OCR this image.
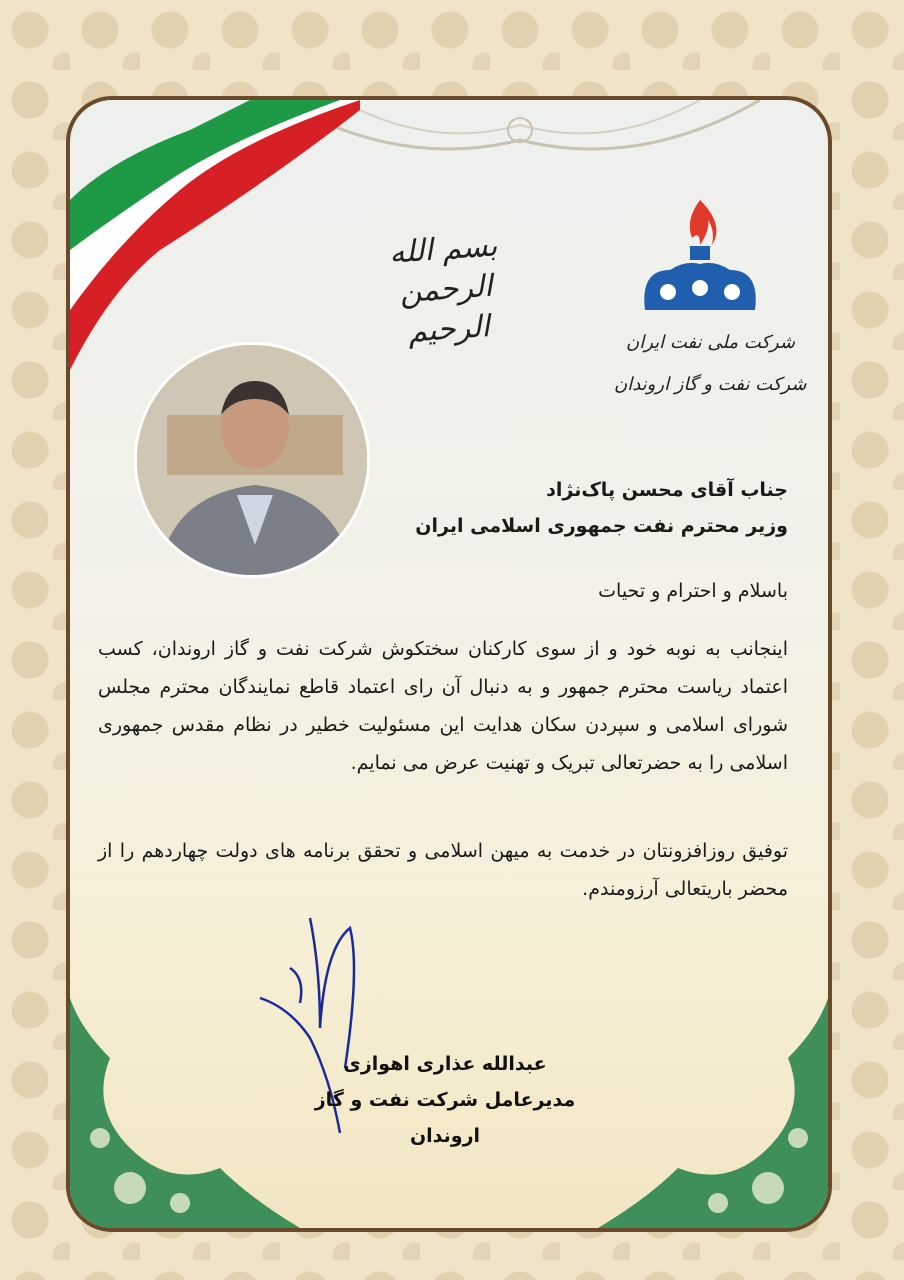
بسم الله الرحمن الرحیم	شرکت ملی نفت ایران
شرکت نفت و گاز اروندان
جناب آقای محسن پاک‌نژاد
وزیر محترم نفت جمهوری اسلامی ایران
باسلام و احترام و تحیات
اینجانب به نوبه خود و از سوی کارکنان سختکوش شرکت نفت و گاز اروندان، کسب اعتماد ریاست محترم جمهور و به دنبال آن رای اعتماد قاطع نمایندگان محترم مجلس شورای اسلامی و سپردن سکان هدایت این مسئولیت خطیر در نظام مقدس جمهوری اسلامی را به حضرتعالی تبریک و تهنیت عرض می نمایم.
توفیق روزافزونتان در خدمت به میهن اسلامی و تحقق برنامه های دولت چهاردهم را از محضر باریتعالی آرزومندم.
عبدالله عذاری اهوازی
مدیرعامل شرکت نفت و گاز اروندان
